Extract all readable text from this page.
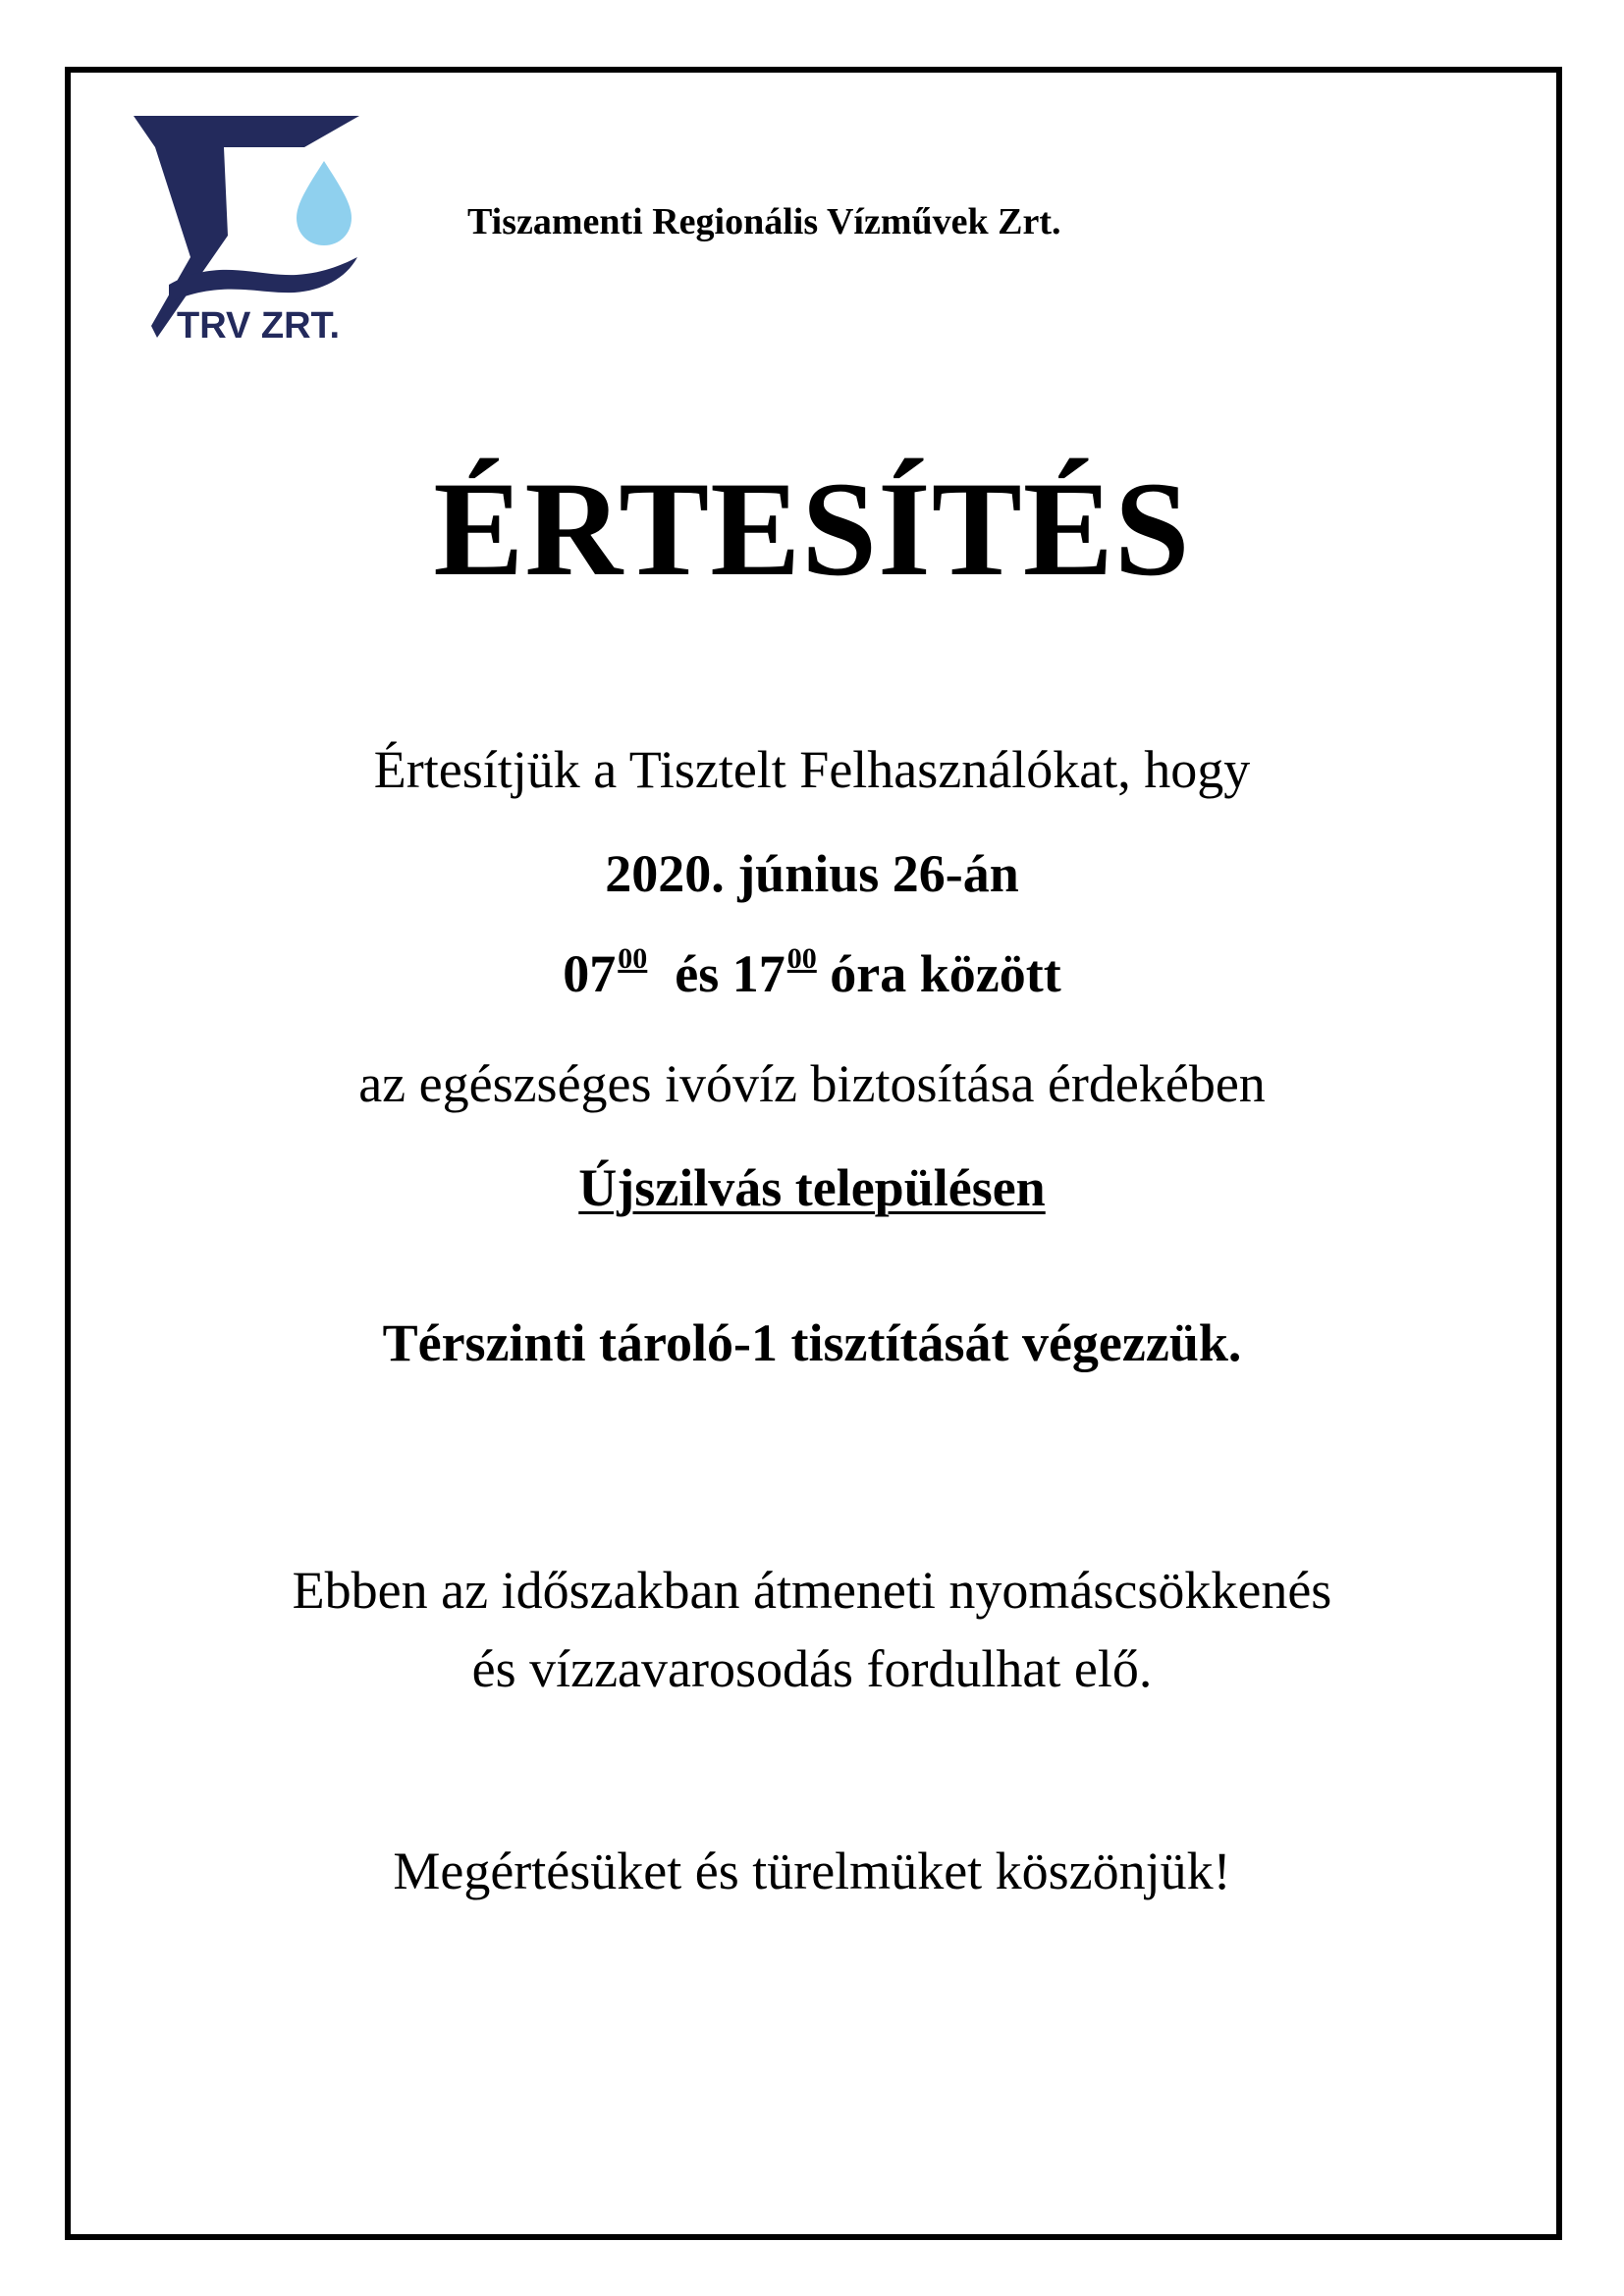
TRV ZRT.
Tiszamenti Regionális Vízművek Zrt.
ÉRTESÍTÉS
Értesítjük a Tisztelt Felhasználókat, hogy
2020. június 26-án
$07^{00}$ és $17^{00}$ óra között
az egészséges ivóvíz biztosítása érdekében
Újszilvás településen
Térszinti tároló-1 tisztítását végezzük.
Ebben az időszakban átmeneti nyomáscsökkenés
és vízzavarosodás fordulhat elő.
Megértésüket és türelmüket köszönjük!
